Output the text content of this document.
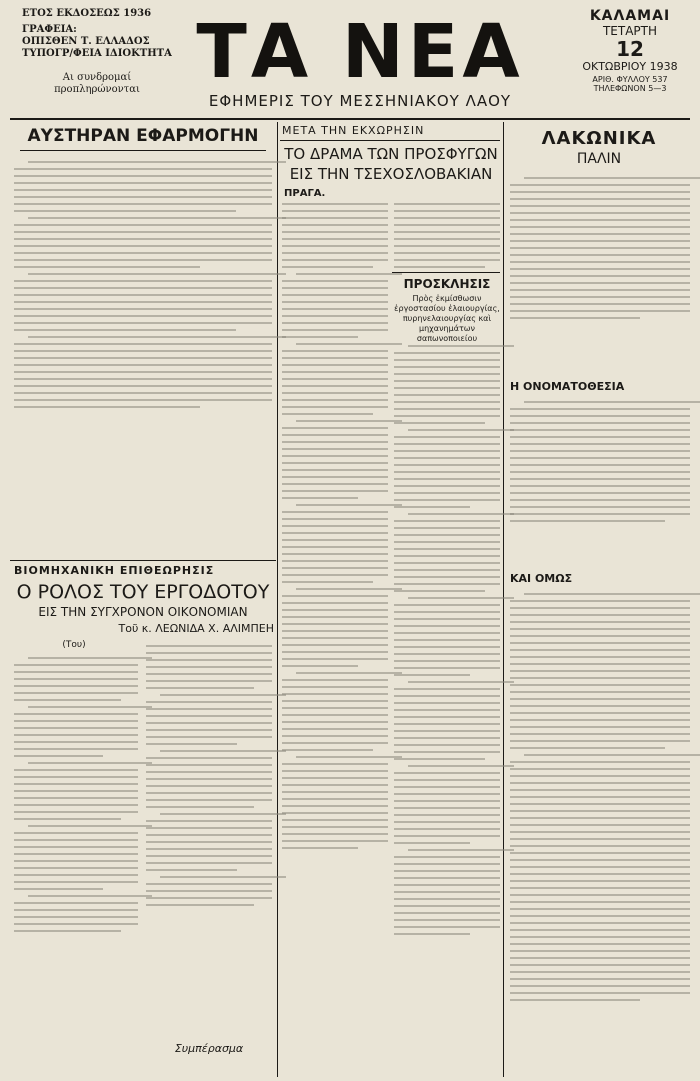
ΕΤΟΣ ΕΚΔΟΣΕΩΣ 1936
ΓΡΑΦΕΙΑ:
ΟΠΙΣΘΕΝ Τ. ΕΛΛΑΔΟΣ
ΤΥΠΟΓΡ/ΦΕΙΑ ΙΔΙΟΚΤΗΤΑ
Αι συνδρομαί
προπληρώνονται ΤΑ ΝΕΑ
ΕΦΗΜΕΡΙΣ ΤΟΥ ΜΕΣΣΗΝΙΑΚΟΥ ΛΑΟΥ
ΚΑΛΑΜΑΙ
ΤΕΤΑΡΤΗ
12
ΟΚΤΩΒΡΙΟΥ 1938
ΑΡΙΘ. ΦΥΛΛΟΥ 537
ΤΗΛΕΦΩΝΟΝ 5—3
ΑΥΣΤΗΡΑΝ ΕΦΑΡΜΟΓΗΝ
ΒΙΟΜΗΧΑΝΙΚΗ ΕΠΙΘΕΩΡΗΣΙΣ
Ο ΡΟΛΟΣ ΤΟΥ ΕΡΓΟΔΟΤΟΥ
ΕΙΣ ΤΗΝ ΣΥΓΧΡΟΝΟΝ ΟΙΚΟΝΟΜΙΑΝ
Τοῦ κ. ΛΕΩΝΙΔΑ Χ. ΑΛΙΜΠΕΗ
(Του)
Συμπέρασμα
ΜΕΤΑ ΤΗΝ ΕΚΧΩΡΗΣΙΝ
ΤΟ ΔΡΑΜΑ ΤΩΝ ΠΡΟΣΦΥΓΩΝ
ΕΙΣ ΤΗΝ ΤΣΕΧΟΣΛΟΒΑΚΙΑΝ
ΠΡΑΓΑ.
ΠΡΟΣΚΛΗΣΙΣ
Πρὸς ἐκμίσθωσιν ἐργοστασίου ἐλαιουργίας, πυρηνελαιουργίας καὶ μηχανημάτων σαπωνοποιείου
ΛΑΚΩΝΙΚΑ
ΠΑΛΙΝ
Η ΟΝΟΜΑΤΟΘΕΣΙΑ
ΚΑΙ ΟΜΩΣ
